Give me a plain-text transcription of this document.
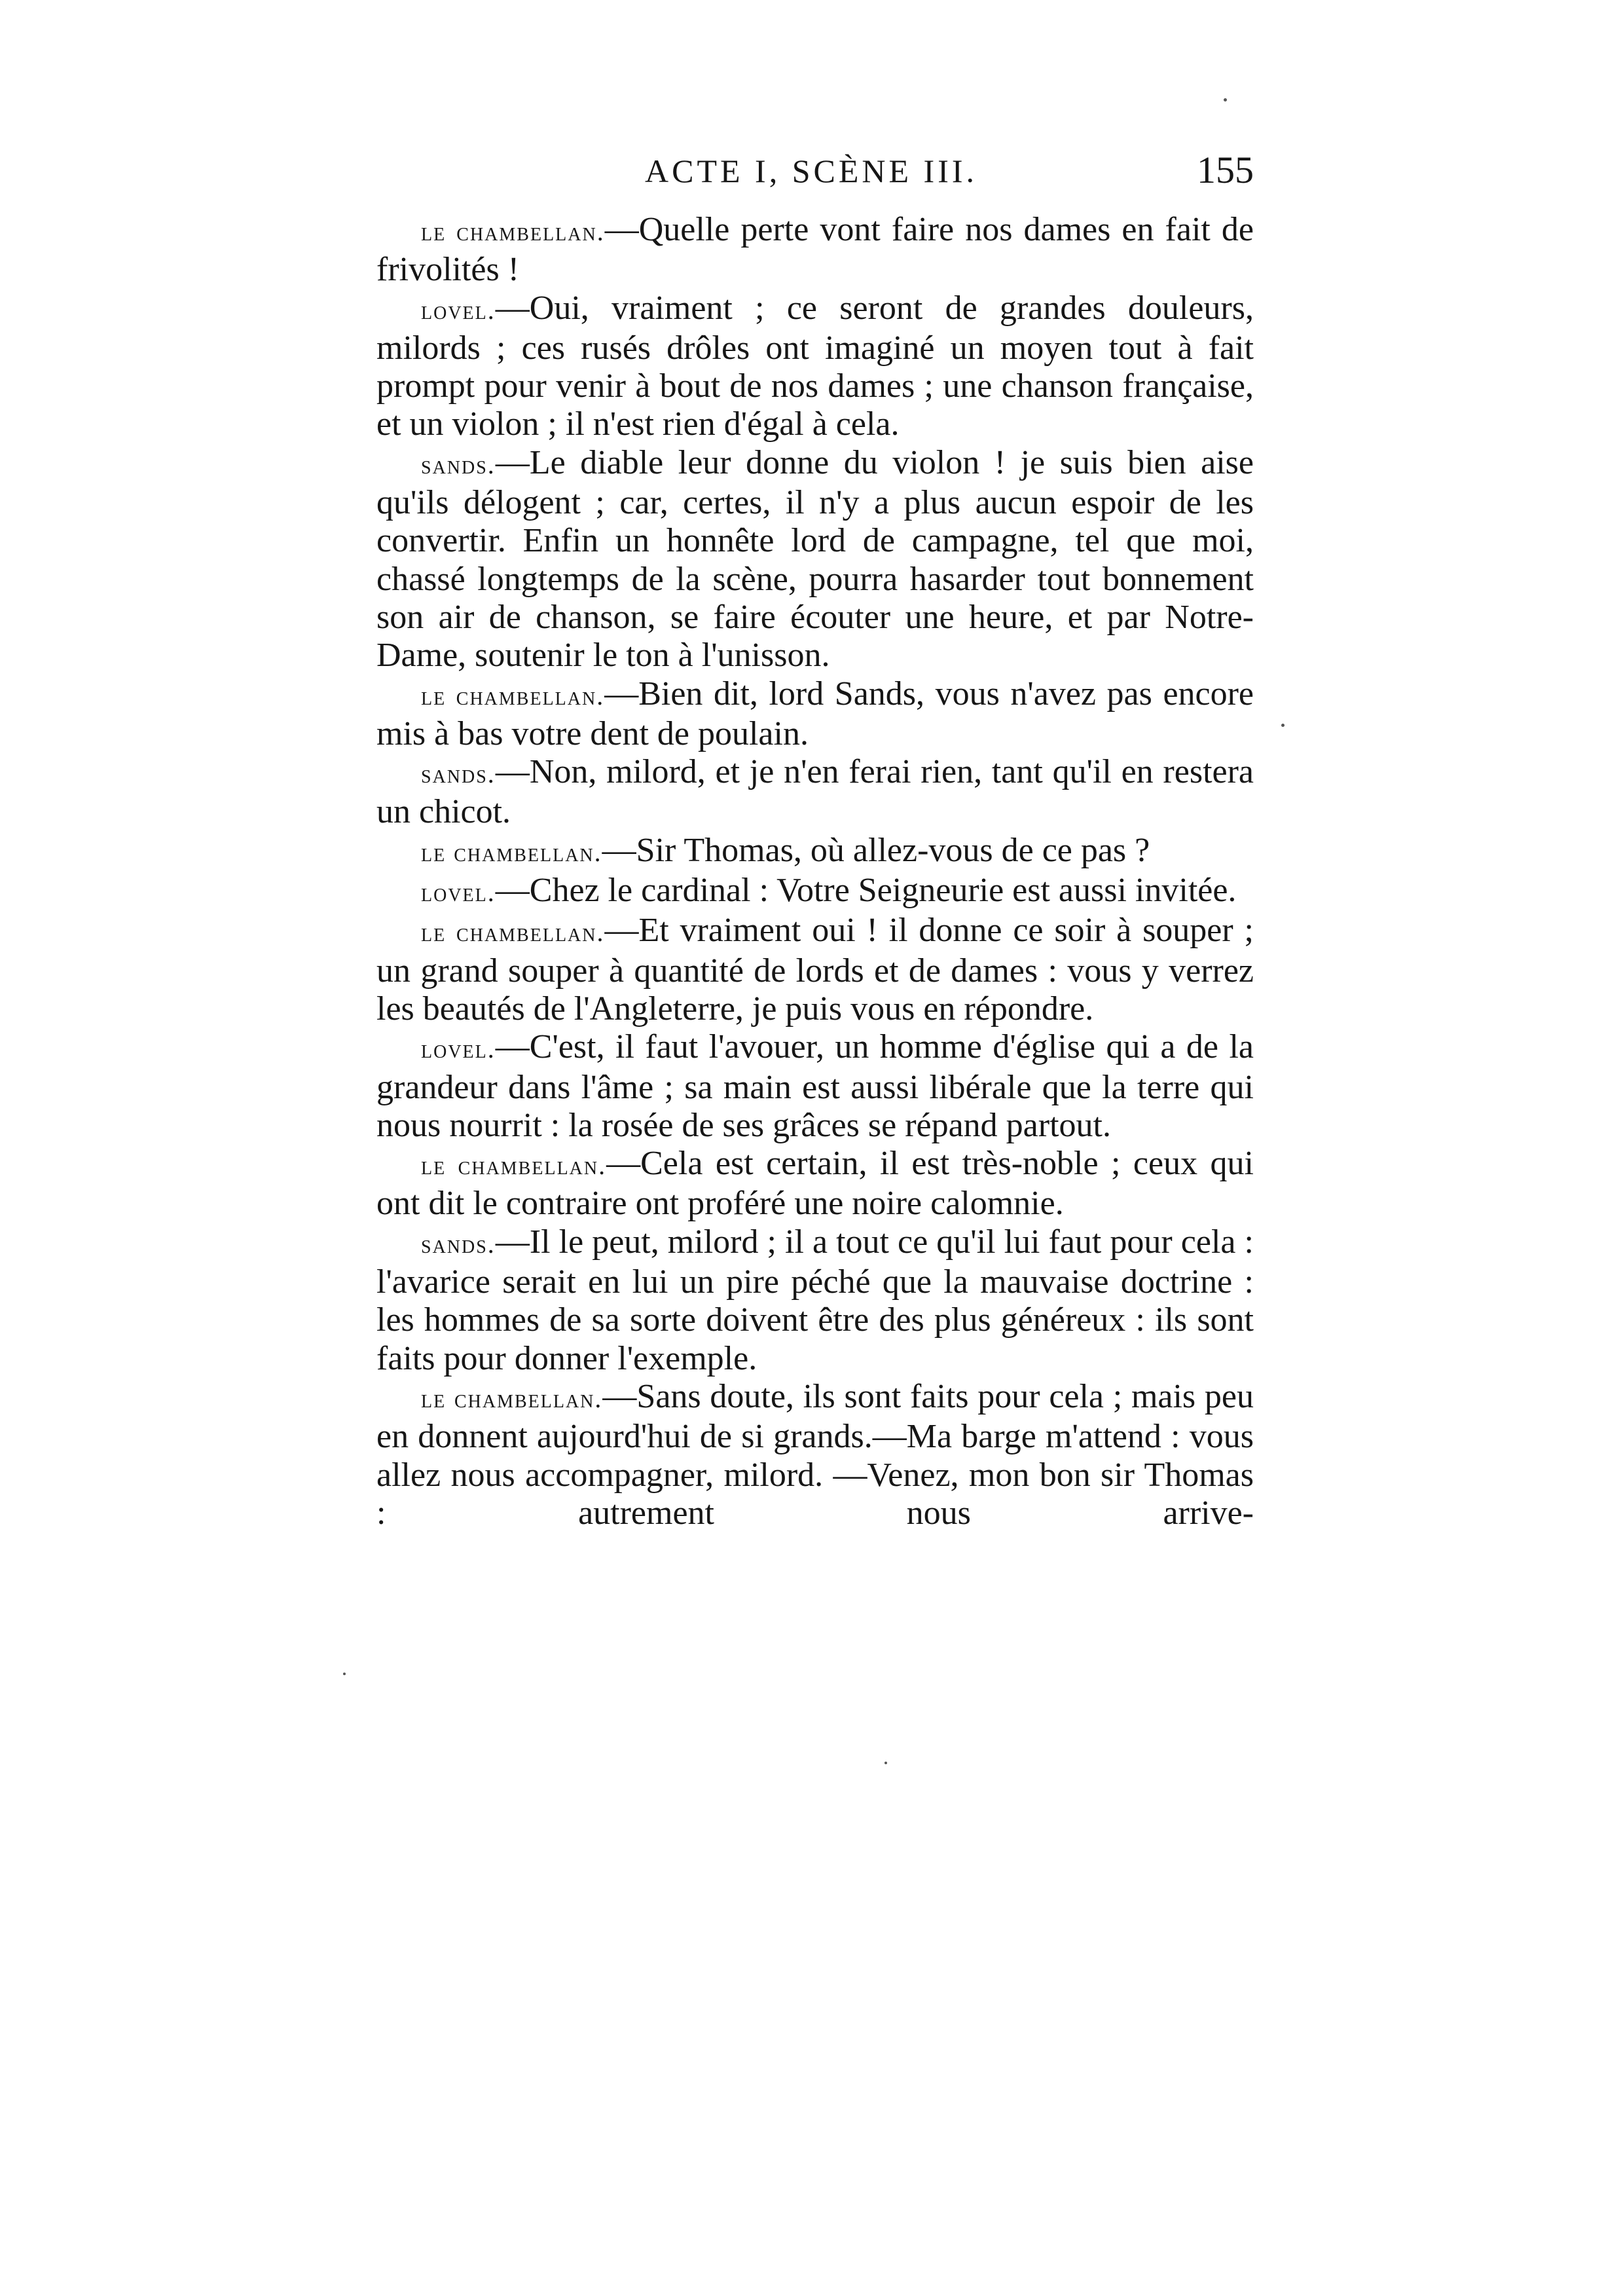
ACTE I, SCÈNE III.	155

le chambellan.—Quelle perte vont faire nos dames en fait de frivolités !

lovel.—Oui, vraiment ; ce seront de grandes douleurs, milords ; ces rusés drôles ont imaginé un moyen tout à fait prompt pour venir à bout de nos dames ; une chanson française, et un violon ; il n'est rien d'égal à cela.

sands.—Le diable leur donne du violon ! je suis bien aise qu'ils délogent ; car, certes, il n'y a plus aucun espoir de les convertir. Enfin un honnête lord de campagne, tel que moi, chassé longtemps de la scène, pourra hasarder tout bonnement son air de chanson, se faire écouter une heure, et par Notre-Dame, soutenir le ton à l'unisson.

le chambellan.—Bien dit, lord Sands, vous n'avez pas encore mis à bas votre dent de poulain.

sands.—Non, milord, et je n'en ferai rien, tant qu'il en restera un chicot.

le chambellan.—Sir Thomas, où allez-vous de ce pas ?

lovel.—Chez le cardinal : Votre Seigneurie est aussi invitée.

le chambellan.—Et vraiment oui ! il donne ce soir à souper ; un grand souper à quantité de lords et de dames : vous y verrez les beautés de l'Angleterre, je puis vous en répondre.

lovel.—C'est, il faut l'avouer, un homme d'église qui a de la grandeur dans l'âme ; sa main est aussi libérale que la terre qui nous nourrit : la rosée de ses grâces se répand partout.

le chambellan.—Cela est certain, il est très-noble ; ceux qui ont dit le contraire ont proféré une noire calomnie.

sands.—Il le peut, milord ; il a tout ce qu'il lui faut pour cela : l'avarice serait en lui un pire péché que la mauvaise doctrine : les hommes de sa sorte doivent être des plus généreux : ils sont faits pour donner l'exemple.

le chambellan.—Sans doute, ils sont faits pour cela ; mais peu en donnent aujourd'hui de si grands.—Ma barge m'attend : vous allez nous accompagner, milord. —Venez, mon bon sir Thomas : autrement nous arrive-
